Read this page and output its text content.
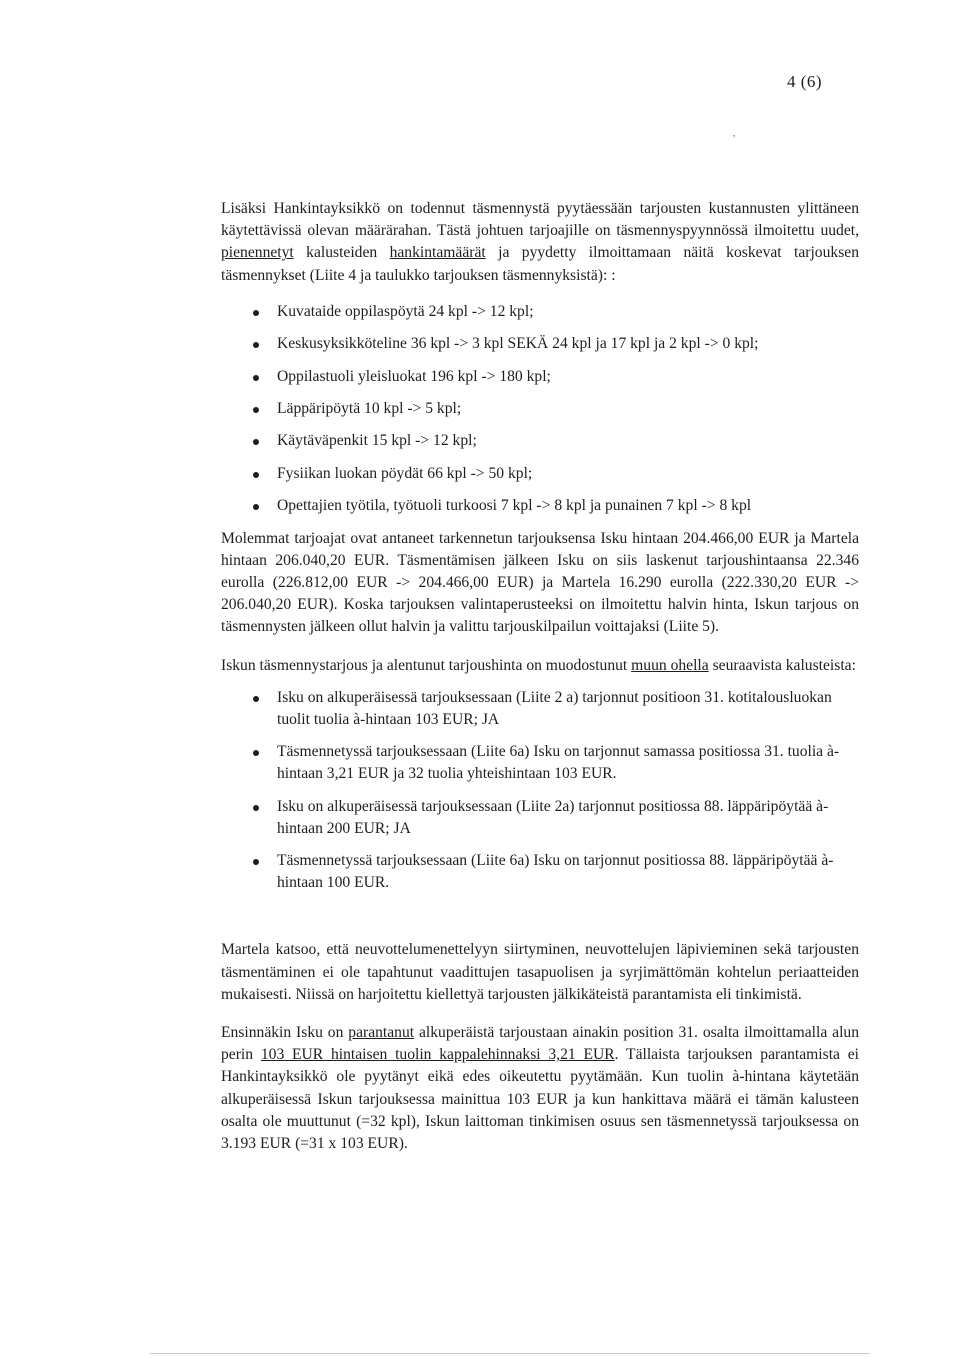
4 (6)
,

Lisäksi Hankintayksikkö on todennut täsmennystä pyytäessään tarjousten kustannusten ylittäneen käytettävissä olevan määrärahan. Tästä johtuen tarjoajille on täsmennyspyynnössä ilmoitettu uudet, pienennetyt kalusteiden hankintamäärät ja pyydetty ilmoittamaan näitä koskevat tarjouksen täsmennykset (Liite 4 ja taulukko tarjouksen täsmennyksistä): :

Kuvataide oppilaspöytä 24 kpl -> 12 kpl;
Keskusyksikköteline 36 kpl -> 3 kpl SEKÄ 24 kpl ja 17 kpl ja 2 kpl -> 0 kpl;
Oppilastuoli yleisluokat 196 kpl -> 180 kpl;
Läppäripöytä 10 kpl -> 5 kpl;
Käytäväpenkit 15 kpl -> 12 kpl;
Fysiikan luokan pöydät 66 kpl -> 50 kpl;
Opettajien työtila, työtuoli turkoosi 7 kpl -> 8 kpl ja punainen 7 kpl -> 8 kpl

Molemmat tarjoajat ovat antaneet tarkennetun tarjouksensa Isku hintaan 204.466,00 EUR ja Martela hintaan 206.040,20 EUR. Täsmentämisen jälkeen Isku on siis laskenut tarjoushintaansa 22.346 eurolla (226.812,00 EUR -> 204.466,00 EUR) ja Martela 16.290 eurolla (222.330,20 EUR -> 206.040,20 EUR). Koska tarjouksen valintaperusteeksi on ilmoitettu halvin hinta, Iskun tarjous on täsmennysten jälkeen ollut halvin ja valittu tarjouskilpailun voittajaksi (Liite 5).

Iskun täsmennystarjous ja alentunut tarjoushinta on muodostunut muun ohella seuraavista kalusteista:

Isku on alkuperäisessä tarjouksessaan (Liite 2 a) tarjonnut positioon 31. kotitalousluokan tuolit tuolia à-hintaan 103 EUR; JA
Täsmennetyssä tarjouksessaan (Liite 6a) Isku on tarjonnut samassa positiossa 31. tuolia à-hintaan 3,21 EUR ja 32 tuolia yhteishintaan 103 EUR.
Isku on alkuperäisessä tarjouksessaan (Liite 2a) tarjonnut positiossa 88. läppäripöytää à-hintaan 200 EUR; JA
Täsmennetyssä tarjouksessaan (Liite 6a) Isku on tarjonnut positiossa 88. läppäripöytää à-hintaan 100 EUR.

Martela katsoo, että neuvottelumenettelyyn siirtyminen, neuvottelujen läpivieminen sekä tarjousten täsmentäminen ei ole tapahtunut vaadittujen tasapuolisen ja syrjimättömän kohtelun periaatteiden mukaisesti. Niissä on harjoitettu kiellettyä tarjousten jälkikäteistä parantamista eli tinkimistä.

Ensinnäkin Isku on parantanut alkuperäistä tarjoustaan ainakin position 31. osalta ilmoittamalla alun perin 103 EUR hintaisen tuolin kappalehinnaksi 3,21 EUR. Tällaista tarjouksen parantamista ei Hankintayksikkö ole pyytänyt eikä edes oikeutettu pyytämään. Kun tuolin à-hintana käytetään alkuperäisessä Iskun tarjouksessa mainittua 103 EUR ja kun hankittava määrä ei tämän kalusteen osalta ole muuttunut (=32 kpl), Iskun laittoman tinkimisen osuus sen täsmennetyssä tarjouksessa on 3.193 EUR (=31 x 103 EUR).
